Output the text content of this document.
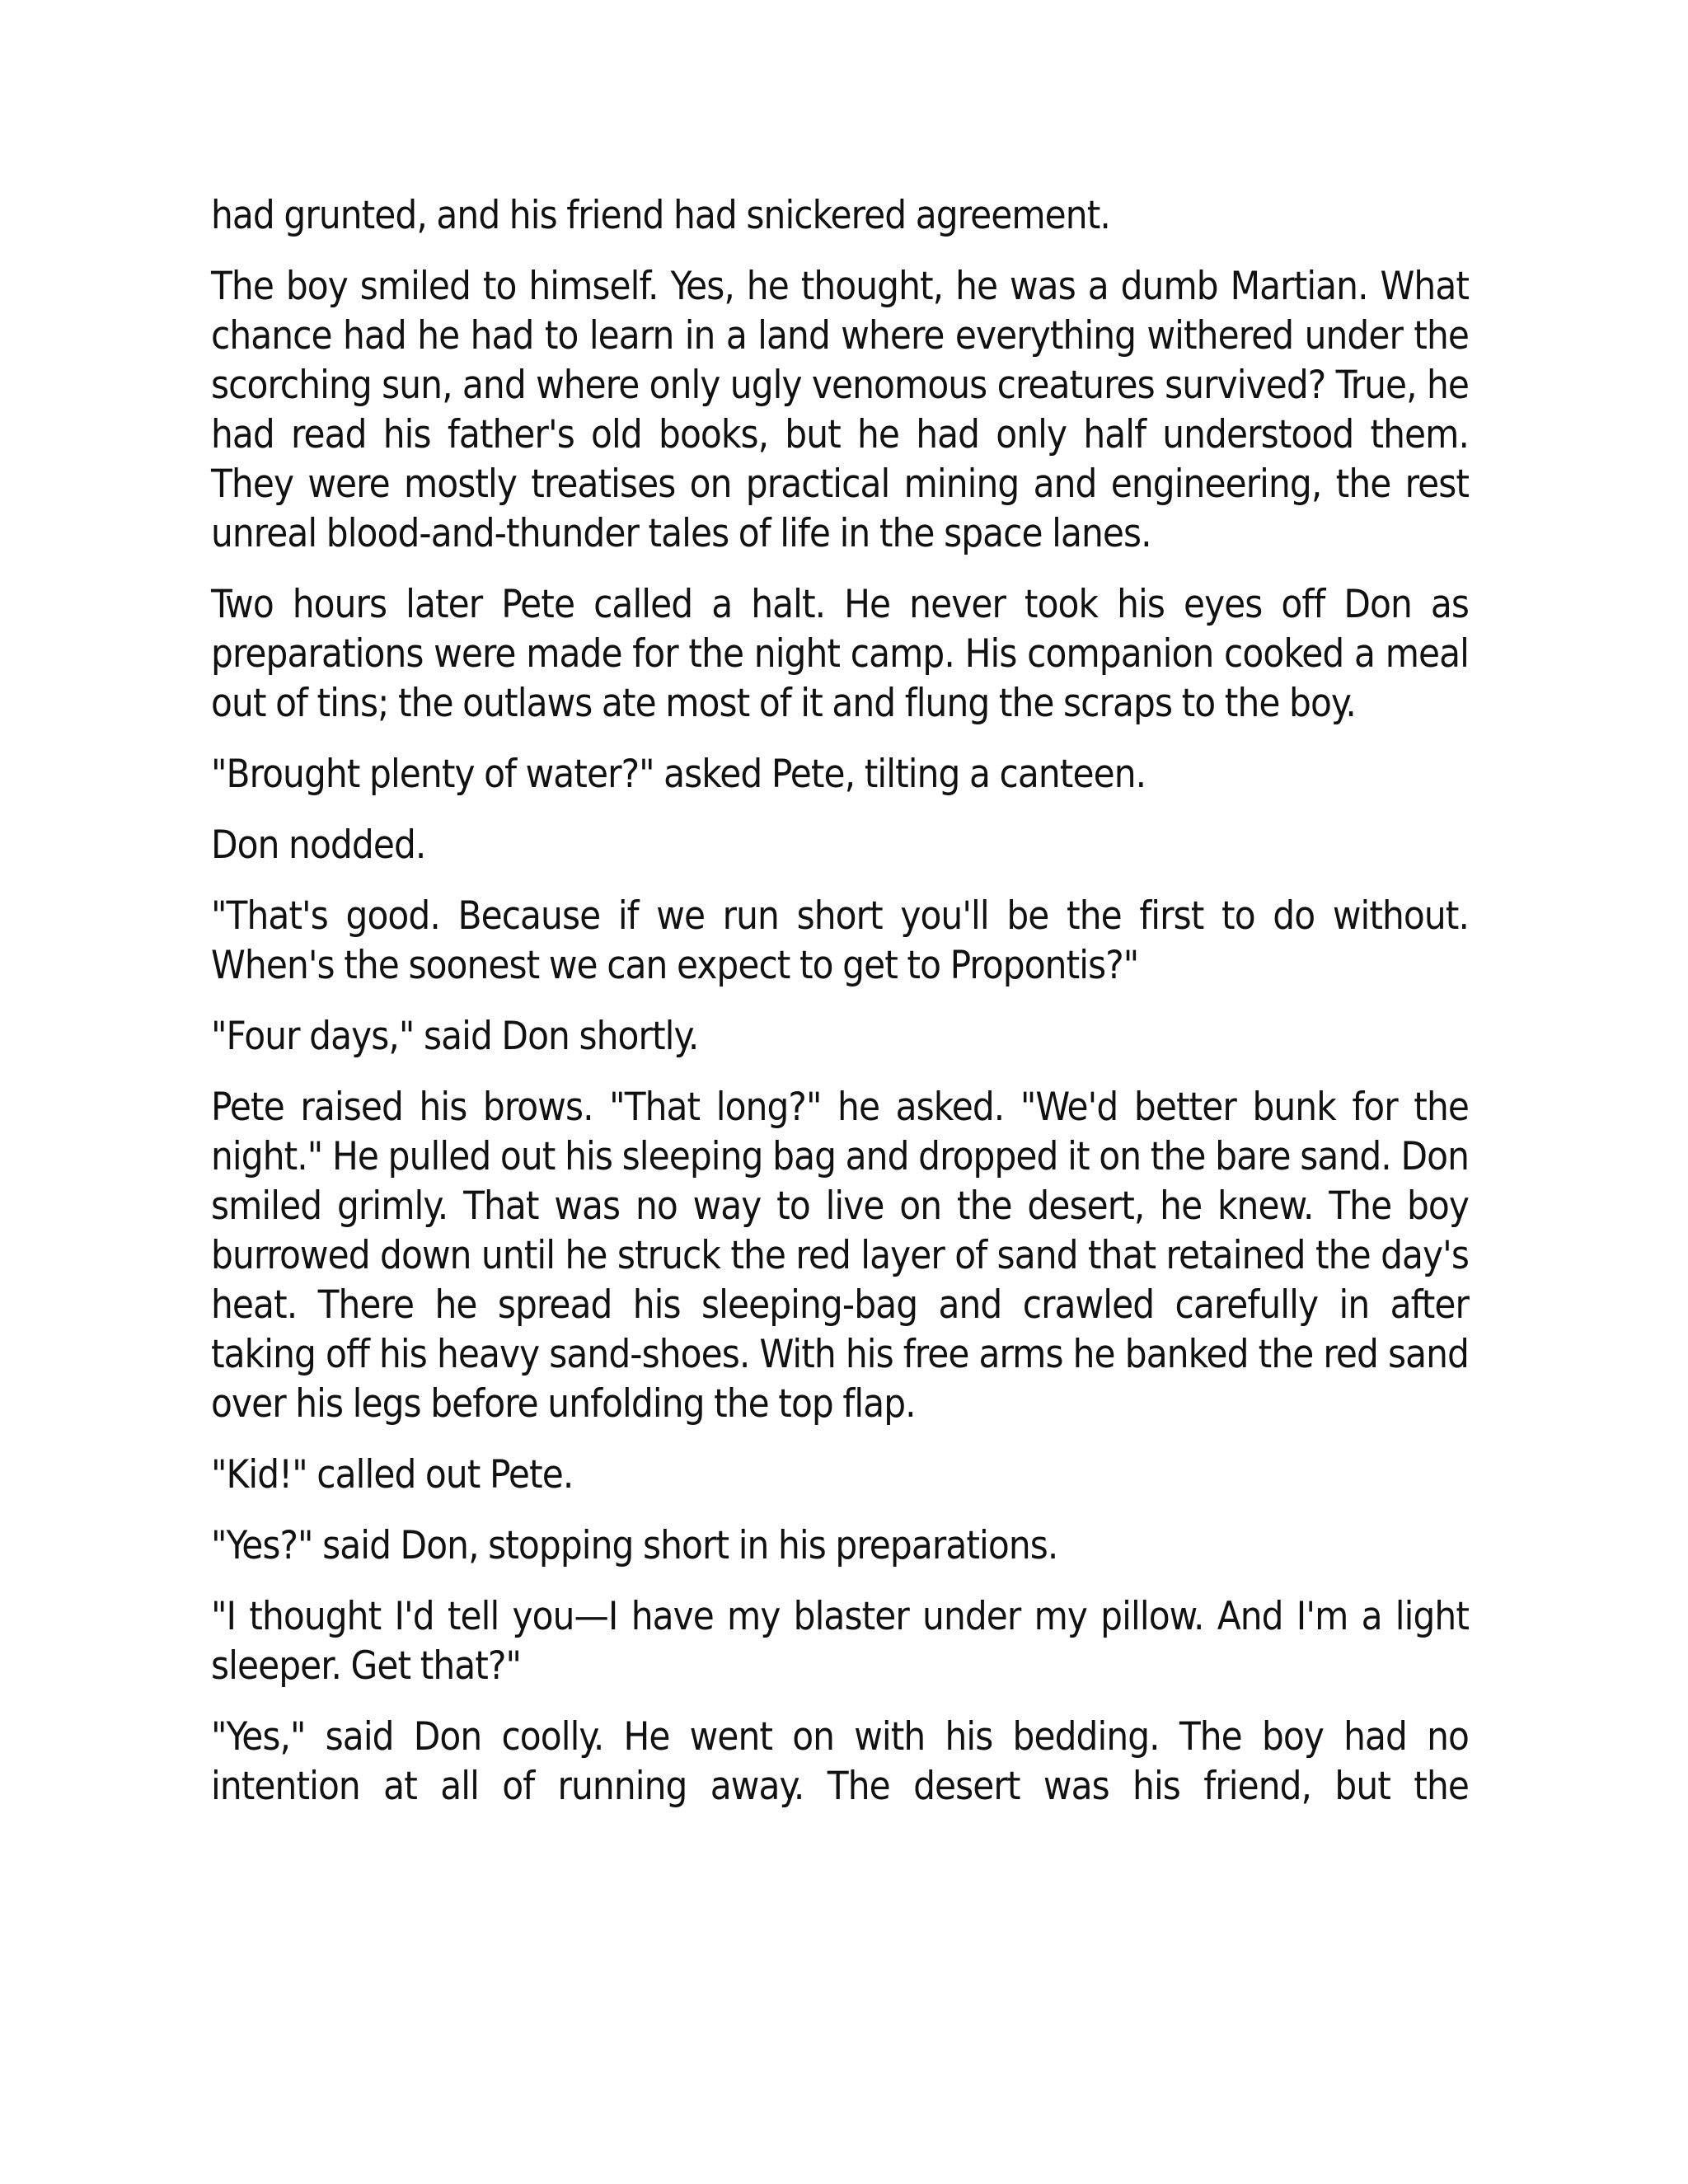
had grunted, and his friend had snickered agreement.

The boy smiled to himself. Yes, he thought, he was a dumb Martian. What chance had he had to learn in a land where everything withered under the scorching sun, and where only ugly venomous creatures survived? True, he had read his father's old books, but he had only half understood them. They were mostly treatises on practical mining and engineering, the rest unreal blood-and-thunder tales of life in the space lanes.

Two hours later Pete called a halt. He never took his eyes off Don as preparations were made for the night camp. His companion cooked a meal out of tins; the outlaws ate most of it and flung the scraps to the boy.

"Brought plenty of water?" asked Pete, tilting a canteen.

Don nodded.

"That's good. Because if we run short you'll be the first to do without. When's the soonest we can expect to get to Propontis?"

"Four days," said Don shortly.

Pete raised his brows. "That long?" he asked. "We'd better bunk for the night." He pulled out his sleeping bag and dropped it on the bare sand. Don smiled grimly. That was no way to live on the desert, he knew. The boy burrowed down until he struck the red layer of sand that retained the day's heat. There he spread his sleeping-bag and crawled carefully in after taking off his heavy sand-shoes. With his free arms he banked the red sand over his legs before unfolding the top flap.

"Kid!" called out Pete.

"Yes?" said Don, stopping short in his preparations.

"I thought I'd tell you—I have my blaster under my pillow. And I'm a light sleeper. Get that?"

"Yes," said Don coolly. He went on with his bedding. The boy had no intention at all of running away. The desert was his friend, but the
